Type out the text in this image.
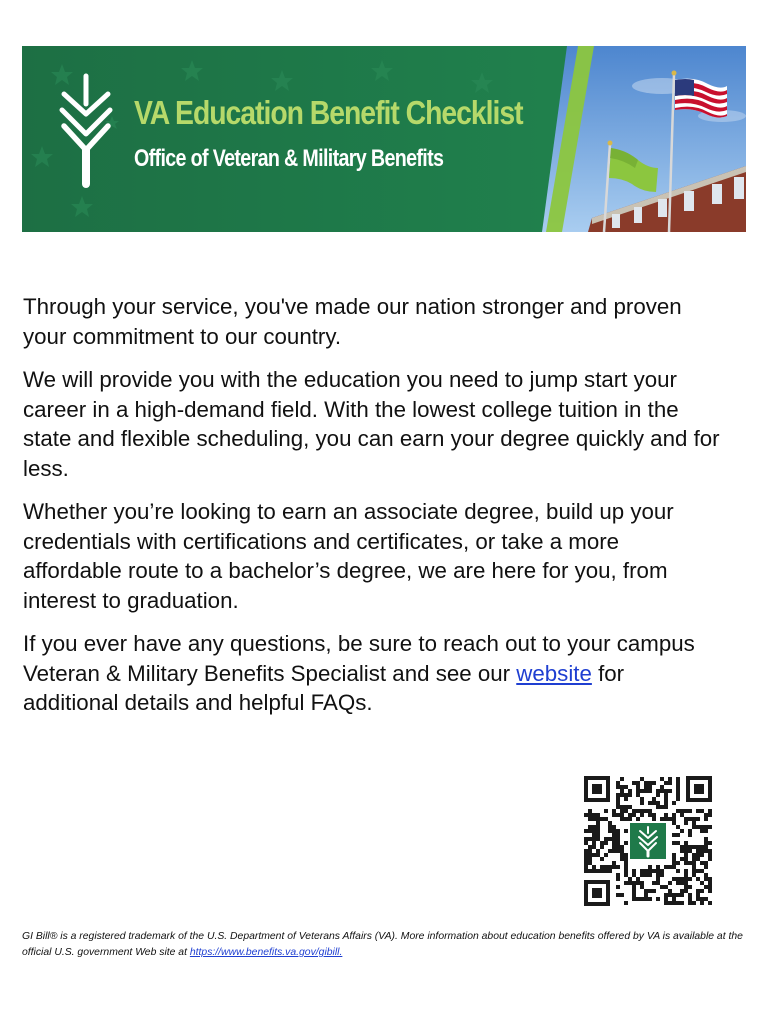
VA Education Benefit Checklist
Office of Veteran & Military Benefits

Through your service, you've made our nation stronger and proven your commitment to our country.

We will provide you with the education you need to jump start your career in a high-demand field. With the lowest college tuition in the state and flexible scheduling, you can earn your degree quickly and for less.

Whether you’re looking to earn an associate degree, build up your credentials with certifications and certificates, or take a more affordable route to a bachelor’s degree, we are here for you, from interest to graduation.

If you ever have any questions, be sure to reach out to your campus Veteran & Military Benefits Specialist and see our website for additional details and helpful FAQs.

GI Bill® is a registered trademark of the U.S. Department of Veterans Affairs (VA). More information about education benefits offered by VA is available at the official U.S. government Web site at https://www.benefits.va.gov/gibill.
